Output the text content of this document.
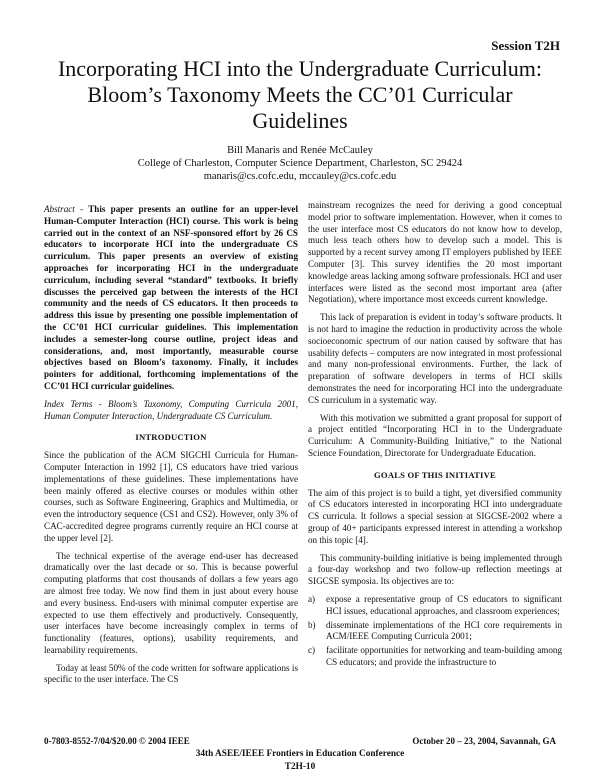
Session T2H
Incorporating HCI into the Undergraduate Curriculum: Bloom’s Taxonomy Meets the CC’01 Curricular Guidelines
Bill Manaris and Renée McCauley
College of Charleston, Computer Science Department, Charleston, SC 29424
manaris@cs.cofc.edu, mccauley@cs.cofc.edu

Abstract - This paper presents an outline for an upper-level Human-Computer Interaction (HCI) course. This work is being carried out in the context of an NSF-sponsored effort by 26 CS educators to incorporate HCI into the undergraduate CS curriculum. This paper presents an overview of existing approaches for incorporating HCI in the undergraduate curriculum, including several “standard” textbooks. It briefly discusses the perceived gap between the interests of the HCI community and the needs of CS educators. It then proceeds to address this issue by presenting one possible implementation of the CC’01 HCI curricular guidelines. This implementation includes a semester-long course outline, project ideas and considerations, and, most importantly, measurable course objectives based on Bloom’s taxonomy. Finally, it includes pointers for additional, forthcoming implementations of the CC’01 HCI curricular guidelines.

Index Terms - Bloom’s Taxonomy, Computing Curricula 2001, Human Computer Interaction, Undergraduate CS Curriculum.

INTRODUCTION

Since the publication of the ACM SIGCHI Curricula for Human-Computer Interaction in 1992 [1], CS educators have tried various implementations of these guidelines. These implementations have been mainly offered as elective courses or modules within other courses, such as Software Engineering, Graphics and Multimedia, or even the introductory sequence (CS1 and CS2). However, only 3% of CAC-accredited degree programs currently require an HCI course at the upper level [2].

The technical expertise of the average end-user has decreased dramatically over the last decade or so. This is because powerful computing platforms that cost thousands of dollars a few years ago are almost free today. We now find them in just about every house and every business. End-users with minimal computer expertise are expected to use them effectively and productively. Consequently, user interfaces have become increasingly complex in terms of functionality (features, options), usability requirements, and learnability requirements.

Today at least 50% of the code written for software applications is specific to the user interface. The CS

mainstream recognizes the need for deriving a good conceptual model prior to software implementation. However, when it comes to the user interface most CS educators do not know how to develop, much less teach others how to develop such a model. This is supported by a recent survey among IT employers published by IEEE Computer [3]. This survey identifies the 20 most important knowledge areas lacking among software professionals. HCI and user interfaces were listed as the second most important area (after Negotiation), where importance most exceeds current knowledge.

This lack of preparation is evident in today’s software products. It is not hard to imagine the reduction in productivity across the whole socioeconomic spectrum of our nation caused by software that has usability defects – computers are now integrated in most professional and many non-professional environments. Further, the lack of preparation of software developers in terms of HCI skills demonstrates the need for incorporating HCI into the undergraduate CS curriculum in a systematic way.

With this motivation we submitted a grant proposal for support of a project entitled “Incorporating HCI in to the Undergraduate Curriculum: A Community-Building Initiative,” to the National Science Foundation, Directorate for Undergraduate Education.

GOALS OF THIS INITIATIVE

The aim of this project is to build a tight, yet diversified community of CS educators interested in incorporating HCI into undergraduate CS curricula. It follows a special session at SIGCSE-2002 where a group of 40+ participants expressed interest in attending a workshop on this topic [4].

This community-building initiative is being implemented through a four-day workshop and two follow-up reflection meetings at SIGCSE symposia. Its objectives are to:

a)	expose a representative group of CS educators to significant HCI issues, educational approaches, and classroom experiences;
b)	disseminate implementations of the HCI core requirements in ACM/IEEE Computing Curricula 2001;
c)	facilitate opportunities for networking and team-building among CS educators; and provide the infrastructure to
0-7803-8552-7/04/$20.00 © 2004 IEEE	October 20 – 23, 2004, Savannah, GA
34th ASEE/IEEE Frontiers in Education Conference
T2H-10
